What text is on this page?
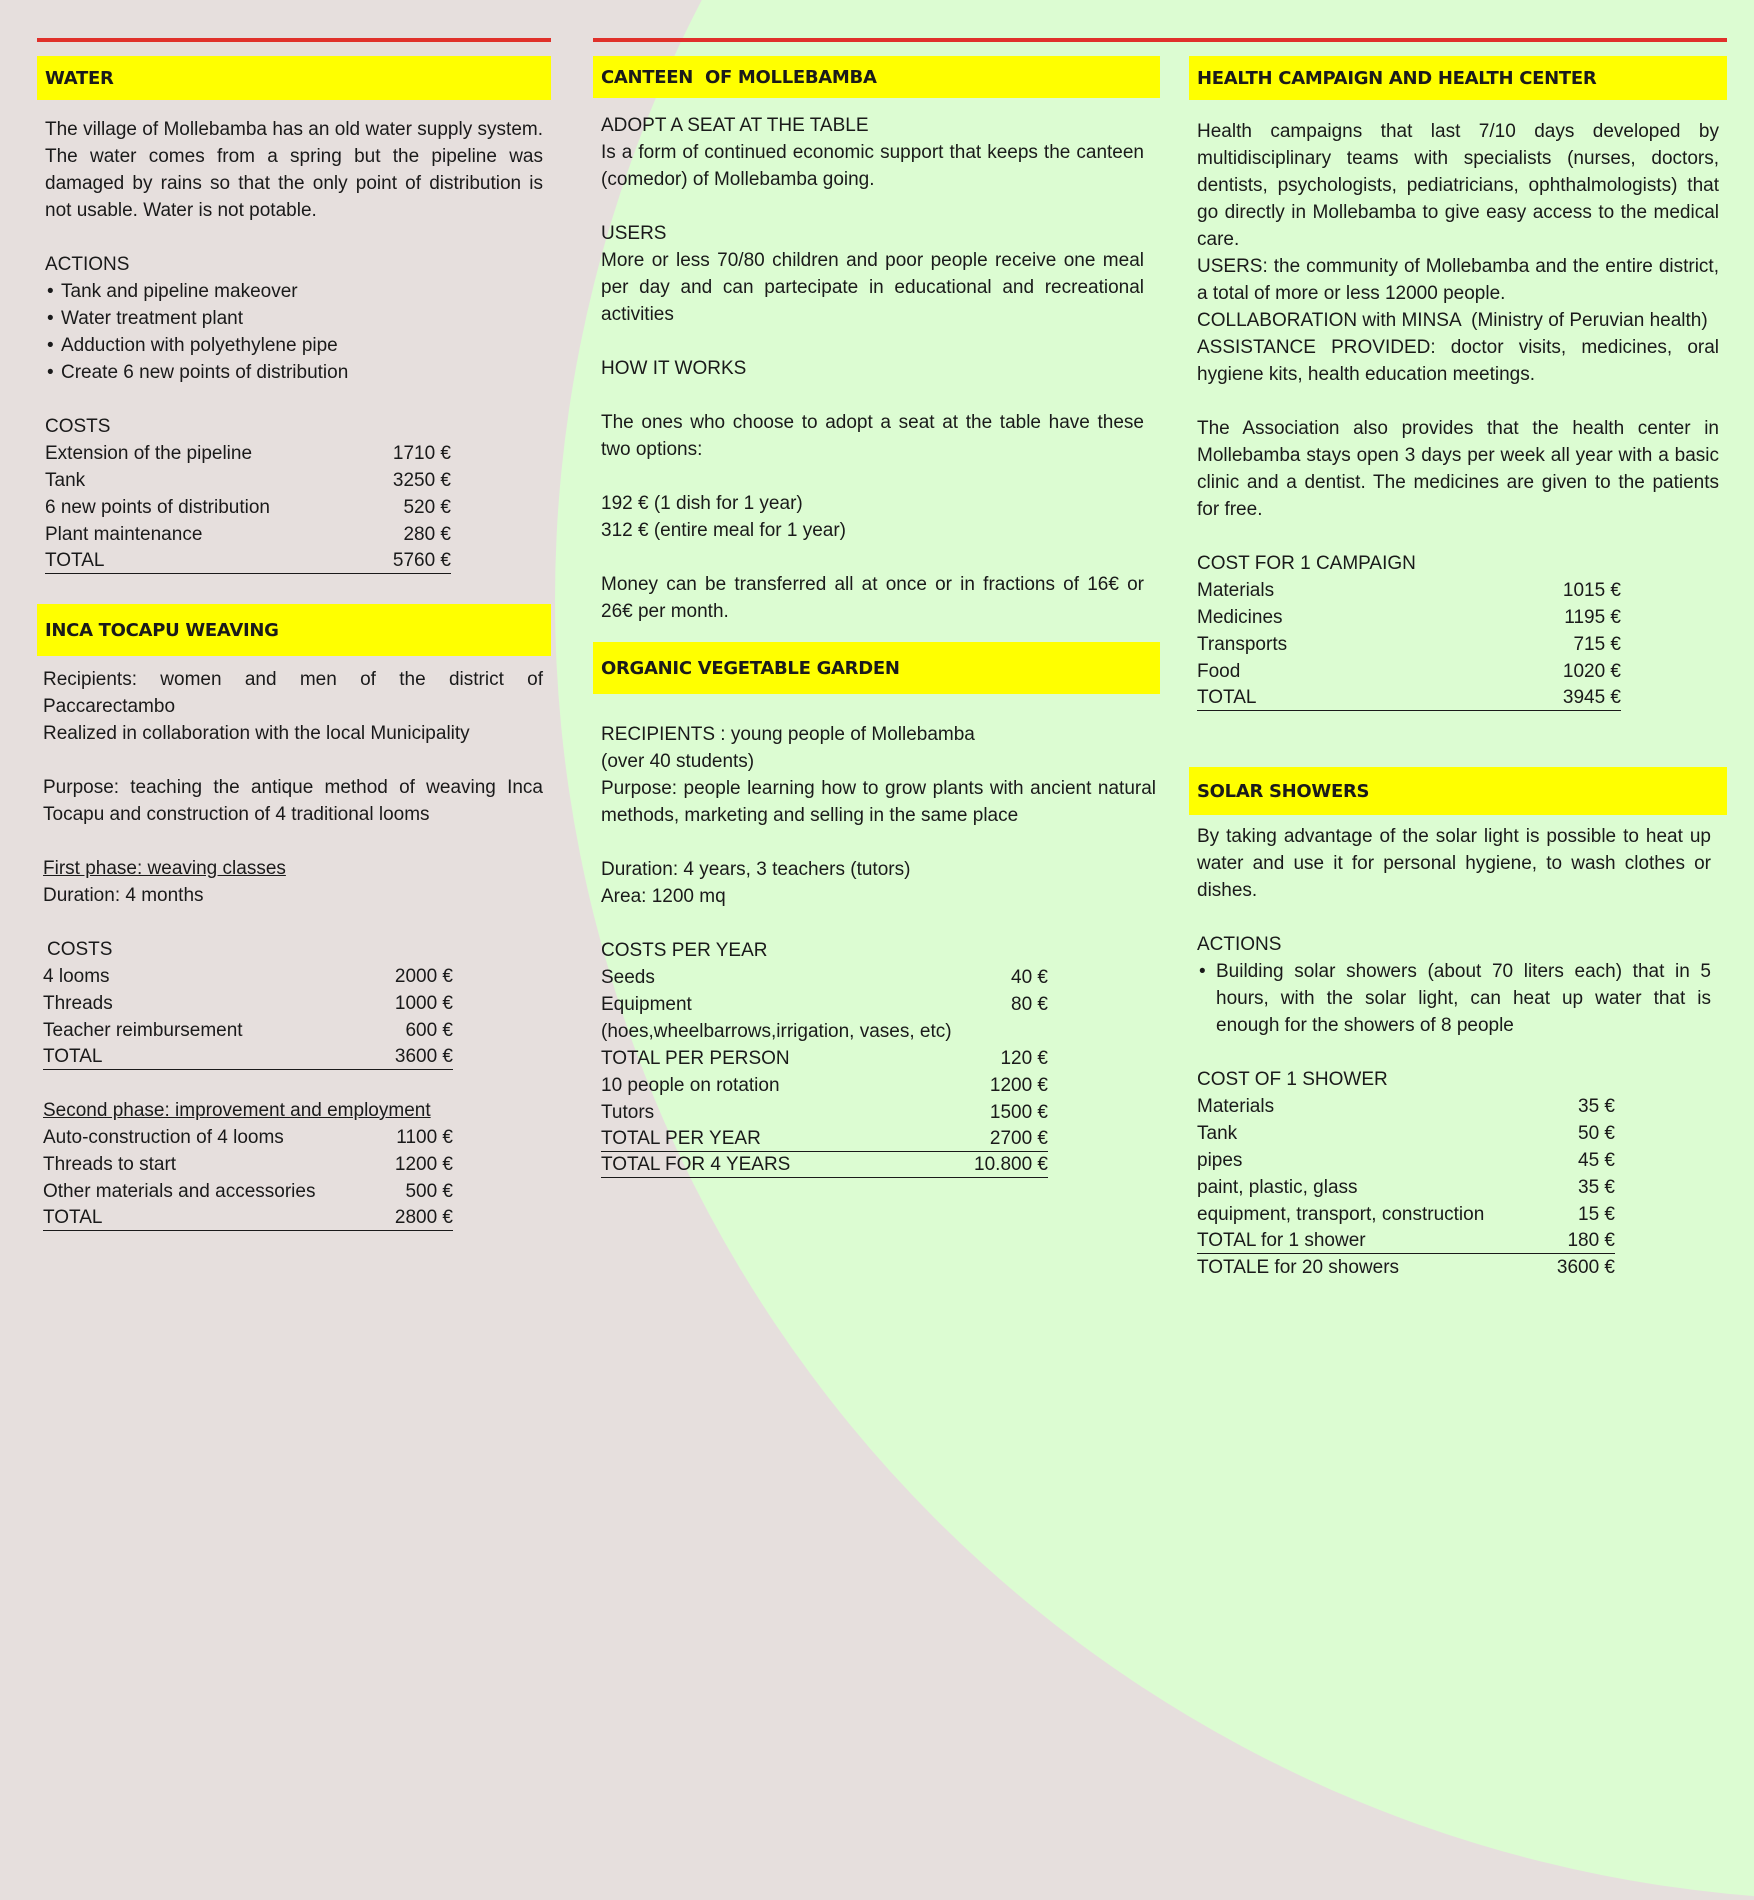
WATER
The village of Mollebamba has an old water supply system. The water comes from a spring but the pipeline was damaged by rains so that the only point of distribution is not usable. Water is not potable.
ACTIONS
• Tank and pipeline makeover
• Water treatment plant
• Adduction with polyethylene pipe
• Create 6 new points of distribution
COSTS
Extension of the pipeline	1710 €
Tank	3250 €
6 new points of distribution	520 €
Plant maintenance	280 €
TOTAL	5760 €
INCA TOCAPU WEAVING
Recipients: women and men of the district of Paccarectambo
Realized in collaboration with the local Municipality
Purpose: teaching the antique method of weaving Inca Tocapu and construction of 4 traditional looms
First phase: weaving classes
Duration: 4 months
COSTS
4 looms	2000 €
Threads	1000 €
Teacher reimbursement	600 €
TOTAL	3600 €
Second phase: improvement and employment
Auto-construction of 4 looms	1100 €
Threads to start	1200 €
Other materials and accessories	500 €
TOTAL	2800 €
CANTEEN  OF MOLLEBAMBA
ADOPT A SEAT AT THE TABLE
Is a form of continued economic support that keeps the canteen (comedor) of Mollebamba going.
USERS
More or less 70/80 children and poor people receive one meal per day and can partecipate in educational and recreational activities
HOW IT WORKS
The ones who choose to adopt a seat at the table have these two options:
192 € (1 dish for 1 year)
312 € (entire meal for 1 year)
Money can be transferred all at once or in fractions of 16€ or 26€ per month.
ORGANIC VEGETABLE GARDEN
RECIPIENTS : young people of Mollebamba
(over 40 students)
Purpose: people learning how to grow plants with ancient natural methods, marketing and selling in the same place
Duration: 4 years, 3 teachers (tutors)
Area: 1200 mq
COSTS PER YEAR
Seeds	40 €
Equipment	80 €
(hoes,wheelbarrows,irrigation, vases, etc)
TOTAL PER PERSON	120 €
10 people on rotation	1200 €
Tutors	1500 €
TOTAL PER YEAR	2700 €
TOTAL FOR 4 YEARS	10.800 €
HEALTH CAMPAIGN AND HEALTH CENTER
Health campaigns that last 7/10 days developed by multidisciplinary teams with specialists (nurses, doctors, dentists, psychologists, pediatricians, ophthalmologists) that go directly in Mollebamba to give easy access to the medical care.
USERS: the community of Mollebamba and the entire district, a total of more or less 12000 people.
COLLABORATION with MINSA  (Ministry of Peruvian health)
ASSISTANCE PROVIDED: doctor visits, medicines, oral hygiene kits, health education meetings.
The Association also provides that the health center in Mollebamba stays open 3 days per week all year with a basic clinic and a dentist. The medicines are given to the patients for free.
COST FOR 1 CAMPAIGN
Materials	1015 €
Medicines	1195 €
Transports	715 €
Food	1020 €
TOTAL	3945 €
SOLAR SHOWERS
By taking advantage of the solar light is possible to heat up water and use it for personal hygiene, to wash clothes or dishes.
ACTIONS
• Building solar showers (about 70 liters each) that in 5 hours, with the solar light, can heat up water that is enough for the showers of 8 people
COST OF 1 SHOWER
Materials	35 €
Tank	50 €
pipes	45 €
paint, plastic, glass	35 €
equipment, transport, construction	15 €
TOTAL for 1 shower	180 €
TOTALE for 20 showers	3600 €
